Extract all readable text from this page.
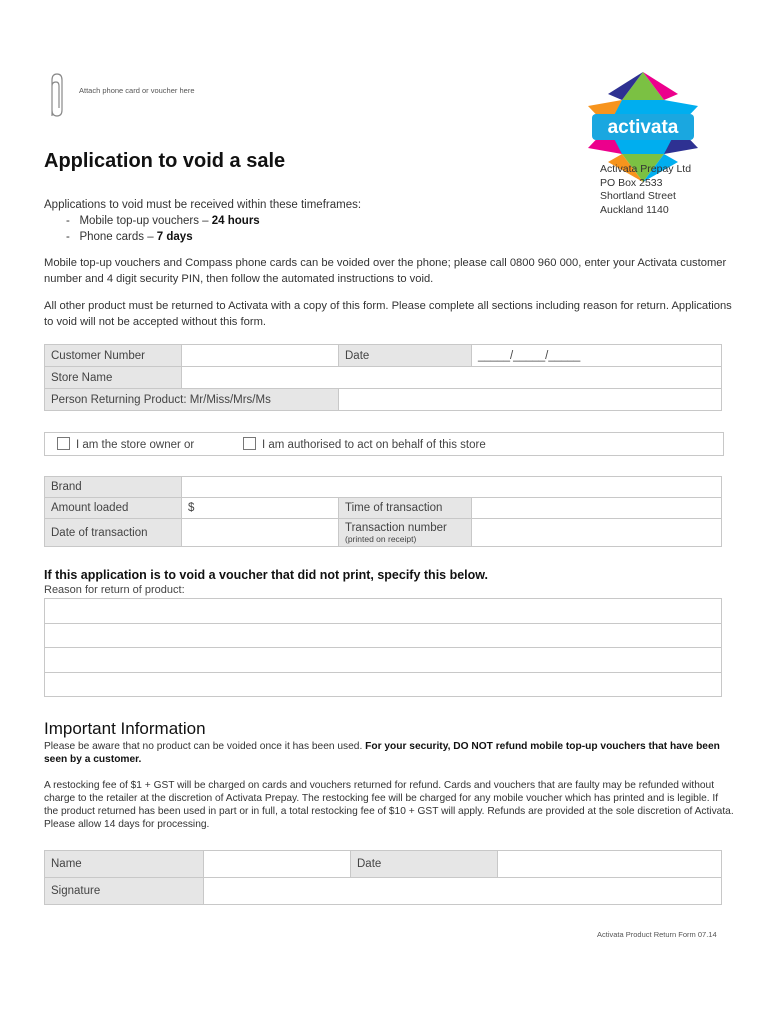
Attach phone card or voucher here
activata
Application to void a sale	Activata Prepay Ltd
PO Box 2533
Shortland Street
Auckland 1140
Applications to void must be received within these timeframes:
- Mobile top-up vouchers – 24 hours
- Phone cards – 7 days
Mobile top-up vouchers and Compass phone cards can be voided over the phone; please call 0800 960 000, enter your Activata customer number and 4 digit security PIN, then follow the automated instructions to void.
All other product must be returned to Activata with a copy of this form. Please complete all sections including reason for return. Applications to void will not be accepted without this form.
Customer Number		Date	_____/_____/_____
Store Name			
Person Returning Product: Mr/Miss/Mrs/Ms			
I am the store owner or	I am authorised to act on behalf of this store
Brand			
Amount loaded	$	Time of transaction	
Date of transaction		Transaction number
(printed on receipt)	

If this application is to void a voucher that did not print, specify this below.
Reason for return of product:
Important Information
Please be aware that no product can be voided once it has been used. For your security, DO NOT refund mobile top-up vouchers that have been seen by a customer.
A restocking fee of $1 + GST will be charged on cards and vouchers returned for refund. Cards and vouchers that are faulty may be refunded without charge to the retailer at the discretion of Activata Prepay. The restocking fee will be charged for any mobile voucher which has printed and is legible. If the product returned has been used in part or in full, a total restocking fee of $10 + GST will apply. Refunds are provided at the sole discretion of Activata. Please allow 14 days for processing.
Name		Date	
Signature			
Activata Product Return Form 07.14
